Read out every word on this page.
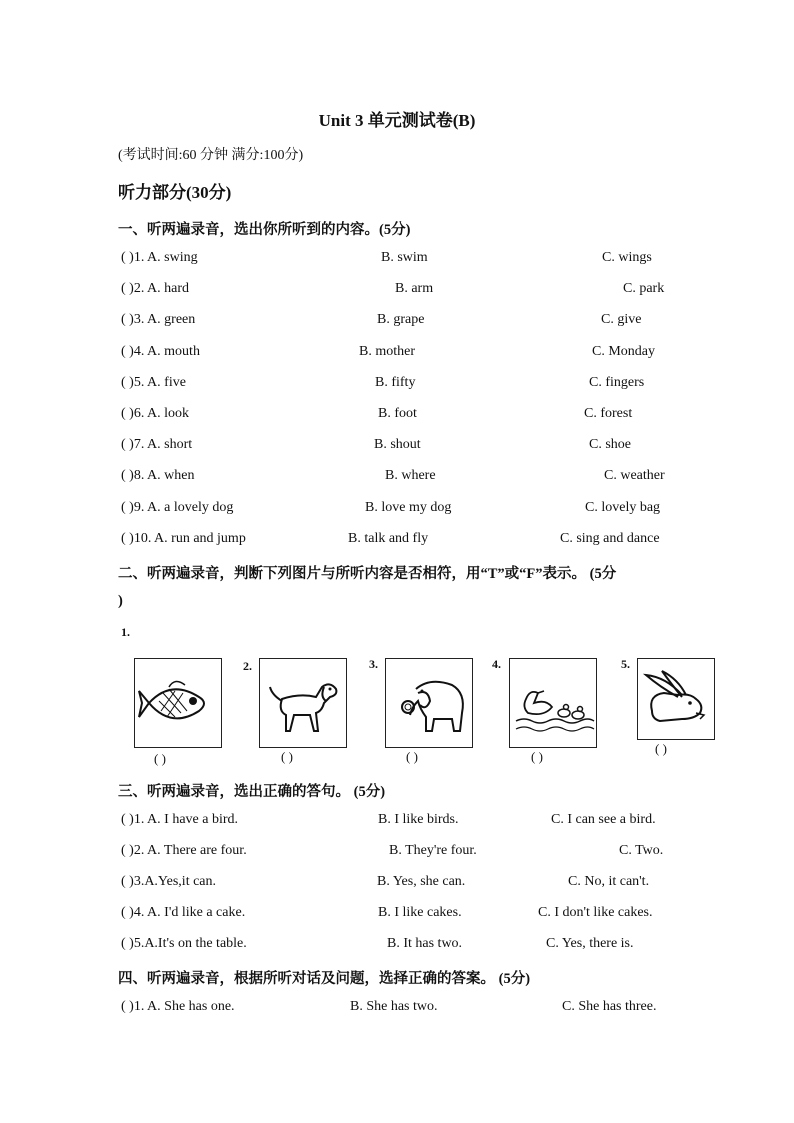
Unit 3 单元测试卷(B)
(考试时间:60 分钟 满分:100分)
听力部分(30分)
一、听两遍录音，选出你所听到的内容。(5分)
( )1. A. swing	B. swim	C. wings
( )2. A. hard	B. arm	C. park
( )3. A. green	B. grape	C. give
( )4. A. mouth	B. mother	C. Monday
( )5. A. five	B. fifty	C. fingers
( )6. A. look	B. foot	C. forest
( )7. A. short	B. shout	C. shoe
( )8. A. when	B. where	C. weather
( )9. A. a lovely dog	B. love my dog	C. lovely bag
( )10. A. run and jump	B. talk and fly	C. sing and dance
二、听两遍录音，判断下列图片与所听内容是否相符，用“T”或“F”表示。 (5分
)
1.
2.	3.	4.	5.
( )	( )	( )	( )
( )
三、听两遍录音，选出正确的答句。 (5分)
( )1. A. I have a bird.	B. I like birds.	C. I can see a bird.
( )2. A. There are four.	B. They're four.	C. Two.
( )3.A.Yes,it can.	B. Yes, she can.	C. No, it can't.
( )4. A. I'd like a cake.	B. I like cakes.	C. I don't like cakes.
( )5.A.It's on the table.	B. It has two.	C. Yes, there is.
四、听两遍录音，根据所听对话及问题，选择正确的答案。 (5分)
( )1. A. She has one.	B. She has two.	C. She has three.
